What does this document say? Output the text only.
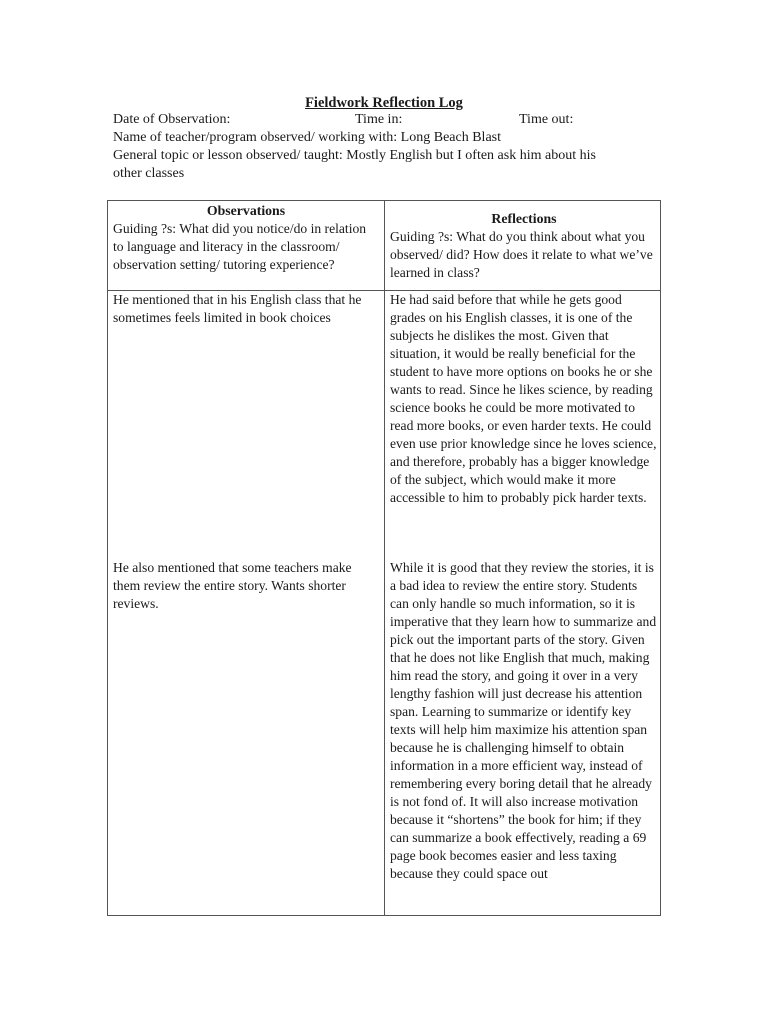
Fieldwork Reflection Log
Date of Observation:	Time in:	Time out:
Name of teacher/program observed/ working with: Long Beach Blast
General topic or lesson observed/ taught: Mostly English but I often ask him about his
other classes
Observations
Guiding ?s: What did you notice/do in relation to language and literacy in the classroom/ observation setting/ tutoring experience?
Reflections
Guiding ?s: What do you think about what you observed/ did? How does it relate to what we’ve learned in class?
He mentioned that in his English class that he sometimes feels limited in book choices
He had said before that while he gets good grades on his English classes, it is one of the subjects he dislikes the most. Given that situation, it would be really beneficial for the student to have more options on books he or she wants to read. Since he likes science, by reading science books he could be more motivated to read more books, or even harder texts. He could even use prior knowledge since he loves science, and therefore, probably has a bigger knowledge of the subject, which would make it more accessible to him to probably pick harder texts.
He also mentioned that some teachers make them review the entire story. Wants shorter reviews.
While it is good that they review the stories, it is a bad idea to review the entire story. Students can only handle so much information, so it is imperative that they learn how to summarize and pick out the important parts of the story. Given that he does not like English that much, making him read the story, and going it over in a very lengthy fashion will just decrease his attention span. Learning to summarize or identify key texts will help him maximize his attention span because he is challenging himself to obtain information in a more efficient way, instead of remembering every boring detail that he already is not fond of. It will also increase motivation because it “shortens” the book for him; if they can summarize a book effectively, reading a 69 page book becomes easier and less taxing because they could space out
